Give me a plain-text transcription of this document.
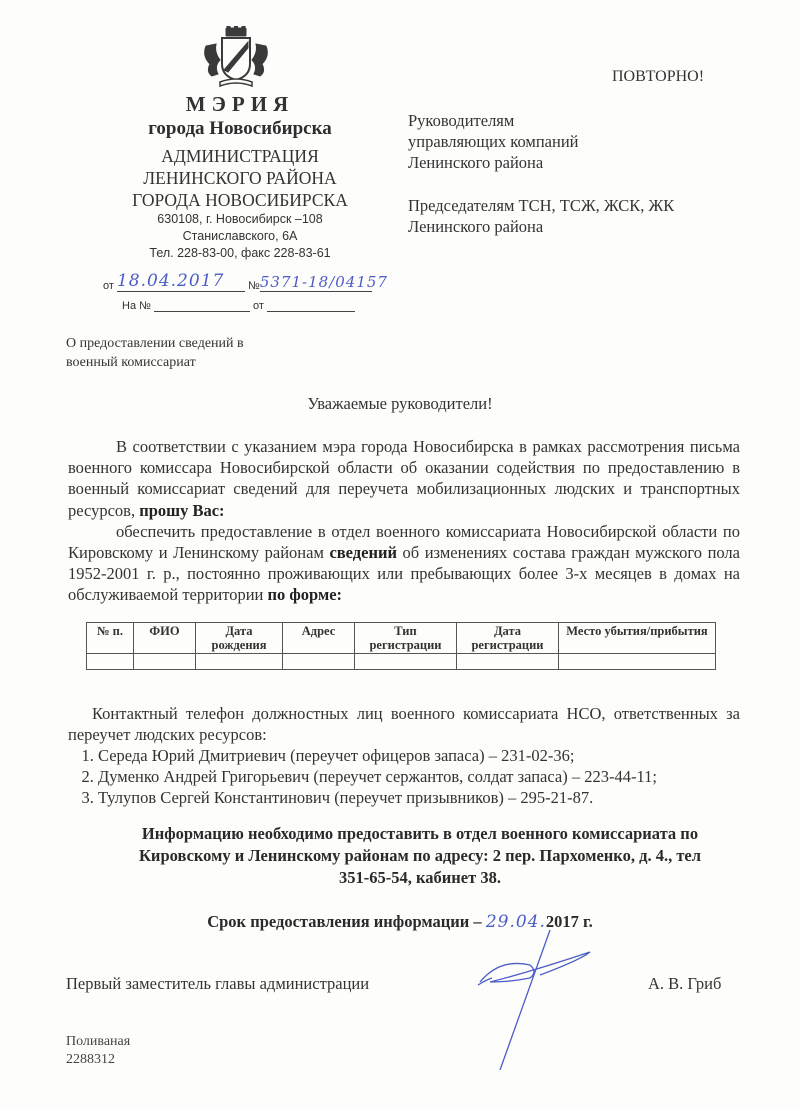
МЭРИЯ
города Новосибирска
АДМИНИСТРАЦИЯ
ЛЕНИНСКОГО РАЙОНА
ГОРОДА НОВОСИБИРСКА
630108, г. Новосибирск –108
Станиславского, 6А
Тел. 228-83-00, факс 228-83-61
от 18.04.2017 №5371-18/04157
На №	от
ПОВТОРНО!
Руководителям
управляющих компаний
Ленинского района
Председателям ТСН, ТСЖ, ЖСК, ЖК
Ленинского района
О предоставлении сведений в
военный комиссариат
Уважаемые руководители!

В соответствии с указанием мэра города Новосибирска в рамках рассмотрения письма военного комиссара Новосибирской области об оказании содействия по предоставлению в военный комиссариат сведений для переучета мобилизационных людских и транспортных ресурсов, прошу Вас:

обеспечить предоставление в отдел военного комиссариата Новосибирской области по Кировскому и Ленинскому районам сведений об изменениях состава граждан мужского пола 1952-2001 г. р., постоянно проживающих или пребывающих более 3-х месяцев в домах на обслуживаемой территории по форме:

№ п.	ФИО	Дата рождения	Адрес	Тип регистрации	Дата регистрации	Место убытия/прибытия

Контактный телефон должностных лиц военного комиссариата НСО, ответственных за переучет людских ресурсов:

1. Середа Юрий Дмитриевич (переучет офицеров запаса) – 231-02-36;
2. Думенко Андрей Григорьевич (переучет сержантов, солдат запаса) – 223-44-11;
3. Тулупов Сергей Константинович (переучет призывников) – 295-21-87.
Информацию необходимо предоставить в отдел военного комиссариата по
Кировскому и Ленинскому районам по адресу: 2 пер. Пархоменко, д. 4., тел
351-65-54, кабинет 38.
Срок предоставления информации – 29.04.2017 г.
Первый заместитель главы администрации	А. В. Гриб
Поливаная
2288312
